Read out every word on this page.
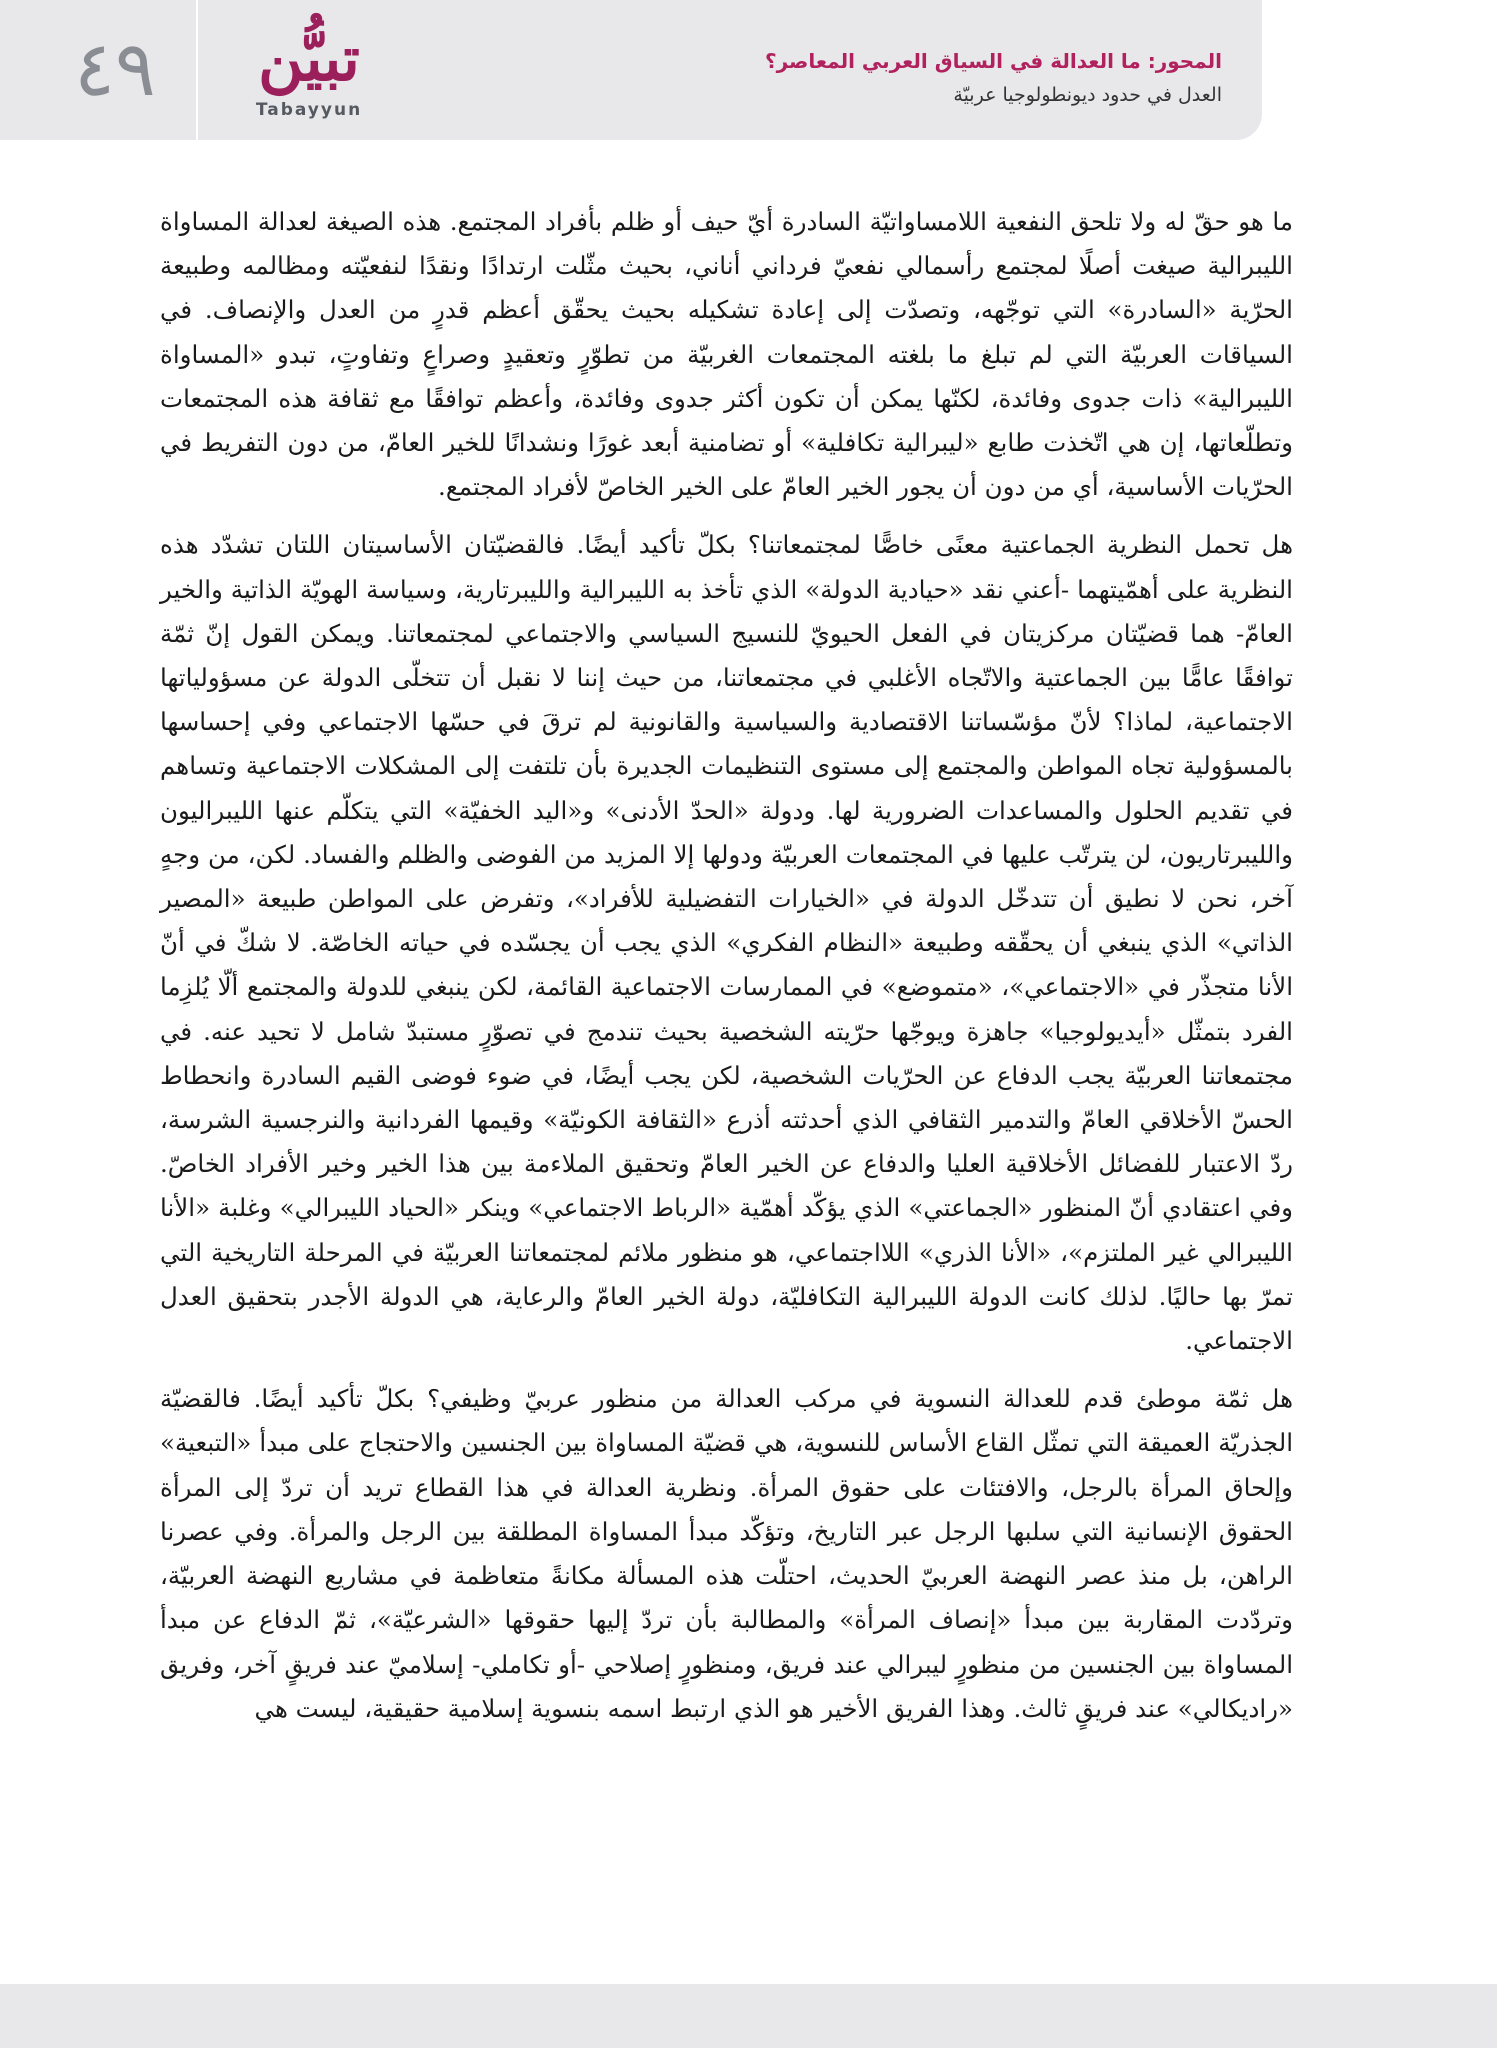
٤٩	تبيُّن
Tabayyun
المحور: ما العدالة في السياق العربي المعاصر؟
العدل في حدود ديونطولوجيا عربيّة

ما هو حقّ له ولا تلحق النفعية اللامساواتيّة السادرة أيّ حيف أو ظلم بأفراد المجتمع. هذه الصيغة لعدالة المساواة الليبرالية صيغت أصلًا لمجتمع رأسمالي نفعيّ فرداني أناني، بحيث مثّلت ارتدادًا ونقدًا لنفعيّته ومظالمه وطبيعة الحرّية «السادرة» التي توجّهه، وتصدّت إلى إعادة تشكيله بحيث يحقّق أعظم قدرٍ من العدل والإنصاف. في السياقات العربيّة التي لم تبلغ ما بلغته المجتمعات الغربيّة من تطوّرٍ وتعقيدٍ وصراعٍ وتفاوتٍ، تبدو «المساواة الليبرالية» ذات جدوى وفائدة، لكنّها يمكن أن تكون أكثر جدوى وفائدة، وأعظم توافقًا مع ثقافة هذه المجتمعات وتطلّعاتها، إن هي اتّخذت طابع «ليبرالية تكافلية» أو تضامنية أبعد غورًا ونشدانًا للخير العامّ، من دون التفريط في الحرّيات الأساسية، أي من دون أن يجور الخير العامّ على الخير الخاصّ لأفراد المجتمع.

هل تحمل النظرية الجماعتية معنًى خاصًّا لمجتمعاتنا؟ بكلّ تأكيد أيضًا. فالقضيّتان الأساسيتان اللتان تشدّد هذه النظرية على أهمّيتهما -أعني نقد «حيادية الدولة» الذي تأخذ به الليبرالية والليبرتارية، وسياسة الهويّة الذاتية والخير العامّ- هما قضيّتان مركزيتان في الفعل الحيويّ للنسيج السياسي والاجتماعي لمجتمعاتنا. ويمكن القول إنّ ثمّة توافقًا عامًّا بين الجماعتية والاتّجاه الأغلبي في مجتمعاتنا، من حيث إننا لا نقبل أن تتخلّى الدولة عن مسؤولياتها الاجتماعية، لماذا؟ لأنّ مؤسّساتنا الاقتصادية والسياسية والقانونية لم ترقَ في حسّها الاجتماعي وفي إحساسها بالمسؤولية تجاه المواطن والمجتمع إلى مستوى التنظيمات الجديرة بأن تلتفت إلى المشكلات الاجتماعية وتساهم في تقديم الحلول والمساعدات الضرورية لها. ودولة «الحدّ الأدنى» و«اليد الخفيّة» التي يتكلّم عنها الليبراليون والليبرتاريون، لن يترتّب عليها في المجتمعات العربيّة ودولها إلا المزيد من الفوضى والظلم والفساد. لكن، من وجهٍ آخر، نحن لا نطيق أن تتدخّل الدولة في «الخيارات التفضيلية للأفراد»، وتفرض على المواطن طبيعة «المصير الذاتي» الذي ينبغي أن يحقّقه وطبيعة «النظام الفكري» الذي يجب أن يجسّده في حياته الخاصّة. لا شكّ في أنّ الأنا متجذّر في «الاجتماعي»، «متموضع» في الممارسات الاجتماعية القائمة، لكن ينبغي للدولة والمجتمع ألّا يُلزِما الفرد بتمثّل «أيديولوجيا» جاهزة ويوجّها حرّيته الشخصية بحيث تندمج في تصوّرٍ مستبدّ شامل لا تحيد عنه. في مجتمعاتنا العربيّة يجب الدفاع عن الحرّيات الشخصية، لكن يجب أيضًا، في ضوء فوضى القيم السادرة وانحطاط الحسّ الأخلاقي العامّ والتدمير الثقافي الذي أحدثته أذرع «الثقافة الكونيّة» وقيمها الفردانية والنرجسية الشرسة، ردّ الاعتبار للفضائل الأخلاقية العليا والدفاع عن الخير العامّ وتحقيق الملاءمة بين هذا الخير وخير الأفراد الخاصّ. وفي اعتقادي أنّ المنظور «الجماعتي» الذي يؤكّد أهمّية «الرباط الاجتماعي» وينكر «الحياد الليبرالي» وغلبة «الأنا الليبرالي غير الملتزم»، «الأنا الذري» اللااجتماعي، هو منظور ملائم لمجتمعاتنا العربيّة في المرحلة التاريخية التي تمرّ بها حاليًا. لذلك كانت الدولة الليبرالية التكافليّة، دولة الخير العامّ والرعاية، هي الدولة الأجدر بتحقيق العدل الاجتماعي.

هل ثمّة موطئ قدم للعدالة النسوية في مركب العدالة من منظور عربيّ وظيفي؟ بكلّ تأكيد أيضًا. فالقضيّة الجذريّة العميقة التي تمثّل القاع الأساس للنسوية، هي قضيّة المساواة بين الجنسين والاحتجاج على مبدأ «التبعية» وإلحاق المرأة بالرجل، والافتئات على حقوق المرأة. ونظرية العدالة في هذا القطاع تريد أن تردّ إلى المرأة الحقوق الإنسانية التي سلبها الرجل عبر التاريخ، وتؤكّد مبدأ المساواة المطلقة بين الرجل والمرأة. وفي عصرنا الراهن، بل منذ عصر النهضة العربيّ الحديث، احتلّت هذه المسألة مكانةً متعاظمة في مشاريع النهضة العربيّة، وتردّدت المقاربة بين مبدأ «إنصاف المرأة» والمطالبة بأن تردّ إليها حقوقها «الشرعيّة»، ثمّ الدفاع عن مبدأ المساواة بين الجنسين من منظورٍ ليبرالي عند فريق، ومنظورٍ إصلاحي -أو تكاملي- إسلاميّ عند فريقٍ آخر، وفريق «راديكالي» عند فريقٍ ثالث. وهذا الفريق الأخير هو الذي ارتبط اسمه بنسوية إسلامية حقيقية، ليست هي
